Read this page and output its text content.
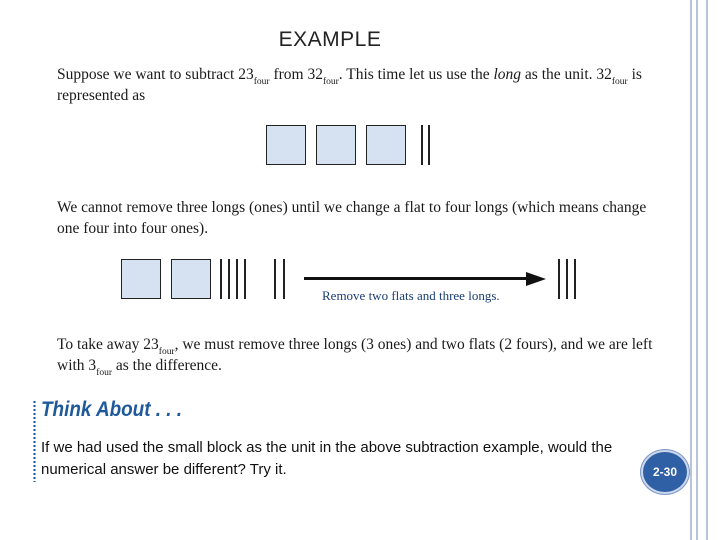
EXAMPLE
Suppose we want to subtract $23_{four}$ from $32_{four}$. This time let us use the long as the unit. $32_{four}$ is represented as
We cannot remove three longs (ones) until we change a flat to four longs (which means change one four into four ones).
Remove two flats and three longs.
To take away $23_{four}$, we must remove three longs (3 ones) and two flats (2 fours), and we are left with $3_{four}$ as the difference.
Think About . . .
If we had used the small block as the unit in the above subtraction example, would the numerical answer be different? Try it.	2-30
